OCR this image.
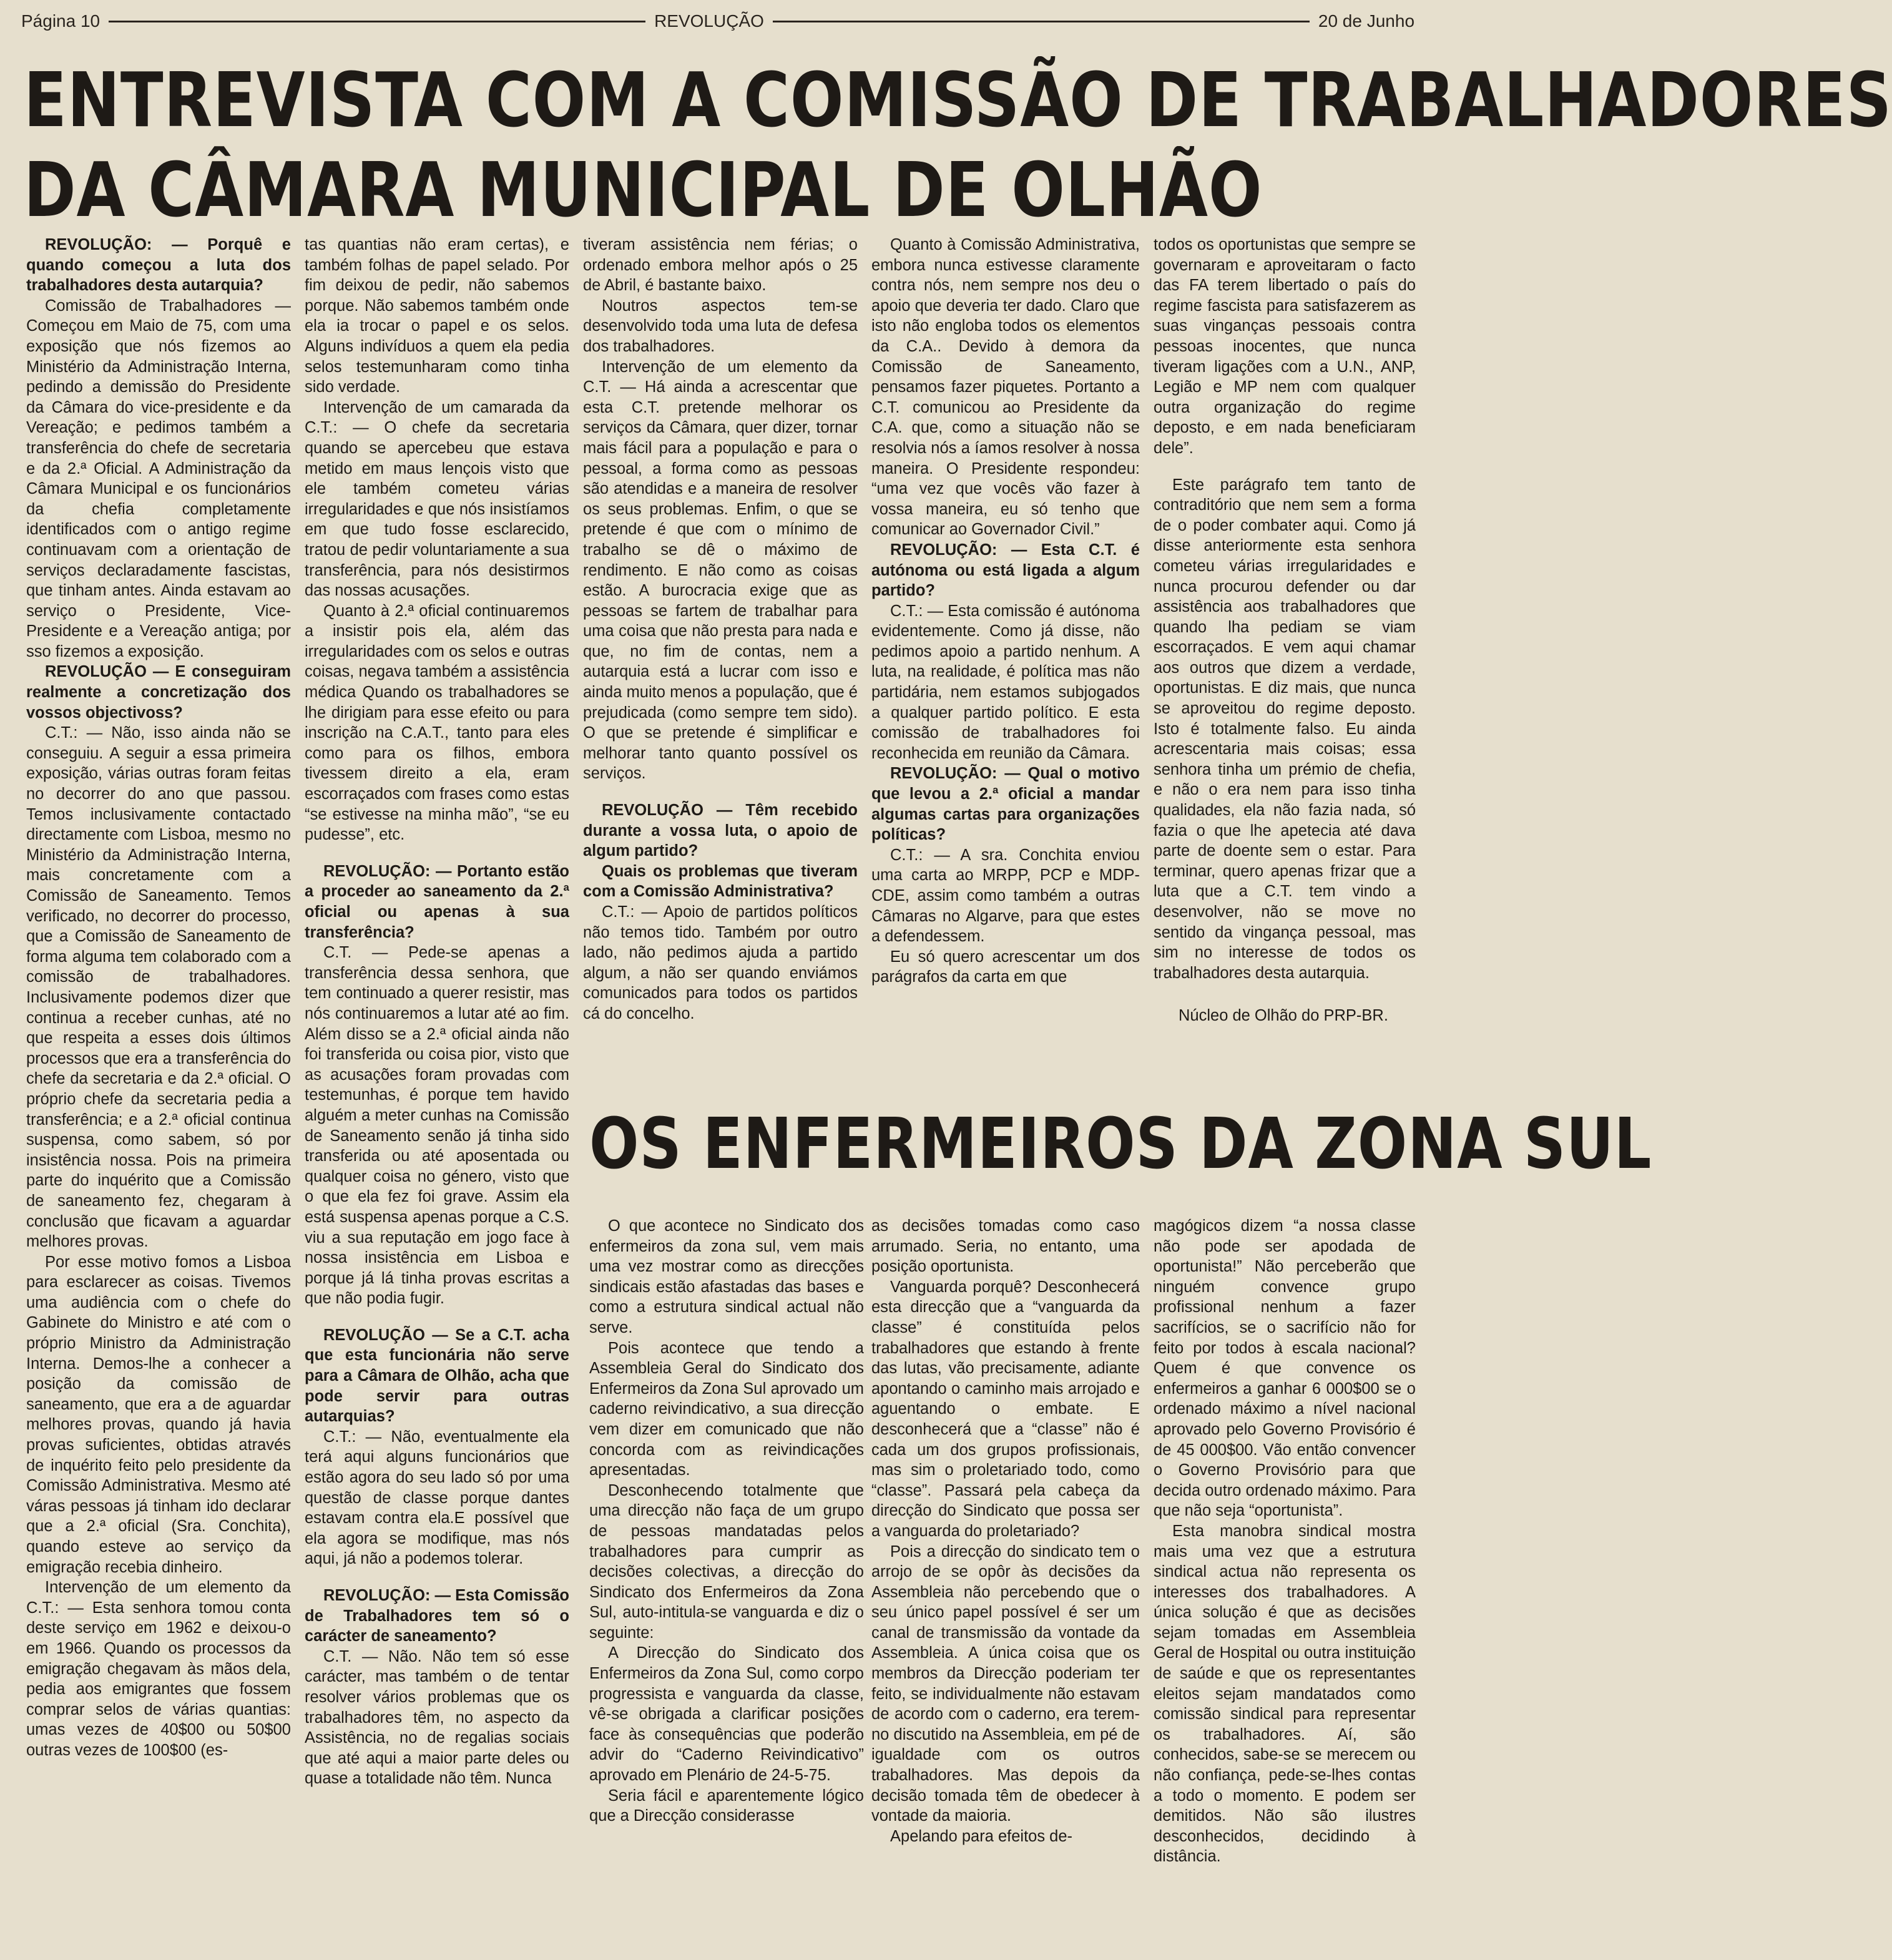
Página 10	REVOLUÇÃO	20 de Junho
ENTREVISTA COM A COMISSÃO DE TRABALHADORES
DA CÂMARA MUNICIPAL DE OLHÃO

REVOLUÇÃO: — Porquê e quando começou a luta dos trabalhadores desta autarquia?

Comissão de Trabalhadores — Começou em Maio de 75, com uma exposição que nós fizemos ao Ministério da Administração Interna, pedindo a demissão do Presidente da Câmara do vice-presidente e da Vereação; e pedimos também a transferência do chefe de secretaria e da 2.ª Oficial. A Administração da Câmara Municipal e os funcionários da chefia completamente identificados com o antigo regime continuavam com a orientação de serviços declaradamente fascistas, que tinham antes. Ainda estavam ao serviço o Presidente, Vice-Presidente e a Vereação antiga; por sso fizemos a exposição.

REVOLUÇÃO — E conseguiram realmente a concretização dos vossos objectivoss?

C.T.: — Não, isso ainda não se conseguiu. A seguir a essa primeira exposição, várias outras foram feitas no decorrer do ano que passou. Temos inclusivamente contactado directamente com Lisboa, mesmo no Ministério da Administração Interna, mais concretamente com a Comissão de Saneamento. Temos verificado, no decorrer do processo, que a Comissão de Saneamento de forma alguma tem colaborado com a comissão de trabalhadores. Inclusivamente podemos dizer que continua a receber cunhas, até no que respeita a esses dois últimos processos que era a transferência do chefe da secretaria e da 2.ª oficial. O próprio chefe da secretaria pedia a transferência; e a 2.ª oficial continua suspensa, como sabem, só por insistência nossa. Pois na primeira parte do inquérito que a Comissão de saneamento fez, chegaram à conclusão que ficavam a aguardar melhores provas.

Por esse motivo fomos a Lisboa para esclarecer as coisas. Tivemos uma audiência com o chefe do Gabinete do Ministro e até com o próprio Ministro da Administração Interna. Demos-lhe a conhecer a posição da comissão de saneamento, que era a de aguardar melhores provas, quando já havia provas suficientes, obtidas através de inquérito feito pelo presidente da Comissão Administrativa. Mesmo até váras pessoas já tinham ido declarar que a 2.ª oficial (Sra. Conchita), quando esteve ao serviço da emigração recebia dinheiro.

Intervenção de um elemento da C.T.: — Esta senhora tomou conta deste serviço em 1962 e deixou-o em 1966. Quando os processos da emigração chegavam às mãos dela, pedia aos emigrantes que fossem comprar selos de várias quantias: umas vezes de 40$00 ou 50$00 outras vezes de 100$00 (es-

tas quantias não eram certas), e também folhas de papel selado. Por fim deixou de pedir, não sabemos porque. Não sabemos também onde ela ia trocar o papel e os selos. Alguns indivíduos a quem ela pedia selos testemunharam como tinha sido verdade.

Intervenção de um camarada da C.T.: — O chefe da secretaria quando se apercebeu que estava metido em maus lençois visto que ele também cometeu várias irregularidades e que nós insistíamos em que tudo fosse esclarecido, tratou de pedir voluntariamente a sua transferência, para nós desistirmos das nossas acusações.

Quanto à 2.ª oficial continuaremos a insistir pois ela, além das irregularidades com os selos e outras coisas, negava também a assistência médica Quando os trabalhadores se lhe dirigiam para esse efeito ou para inscrição na C.A.T., tanto para eles como para os filhos, embora tivessem direito a ela, eram escorraçados com frases como estas “se estivesse na minha mão”, “se eu pudesse”, etc.

REVOLUÇÃO: — Portanto estão a proceder ao saneamento da 2.ª oficial ou apenas à sua transferência?

C.T. — Pede-se apenas a transferência dessa senhora, que tem continuado a querer resistir, mas nós continuaremos a lutar até ao fim. Além disso se a 2.ª oficial ainda não foi transferida ou coisa pior, visto que as acusações foram provadas com testemunhas, é porque tem havido alguém a meter cunhas na Comissão de Saneamento senão já tinha sido transferida ou até aposentada ou qualquer coisa no género, visto que o que ela fez foi grave. Assim ela está suspensa apenas porque a C.S. viu a sua reputação em jogo face à nossa insistência em Lisboa e porque já lá tinha provas escritas a que não podia fugir.

REVOLUÇÃO — Se a C.T. acha que esta funcionária não serve para a Câmara de Olhão, acha que pode servir para outras autarquias?

C.T.: — Não, eventualmente ela terá aqui alguns funcionários que estão agora do seu lado só por uma questão de classe porque dantes estavam contra ela.E possível que ela agora se modifique, mas nós aqui, já não a podemos tolerar.

REVOLUÇÃO: — Esta Comissão de Trabalhadores tem só o carácter de saneamento?

C.T. — Não. Não tem só esse carácter, mas também o de tentar resolver vários problemas que os trabalhadores têm, no aspecto da Assistência, no de regalias sociais que até aqui a maior parte deles ou quase a totalidade não têm. Nunca

tiveram assistência nem férias; o ordenado embora melhor após o 25 de Abril, é bastante baixo.

Noutros aspectos tem-se desenvolvido toda uma luta de defesa dos trabalhadores.

Intervenção de um elemento da C.T. — Há ainda a acrescentar que esta C.T. pretende melhorar os serviços da Câmara, quer dizer, tornar mais fácil para a população e para o pessoal, a forma como as pessoas são atendidas e a maneira de resolver os seus problemas. Enfim, o que se pretende é que com o mínimo de trabalho se dê o máximo de rendimento. E não como as coisas estão. A burocracia exige que as pessoas se fartem de trabalhar para uma coisa que não presta para nada e que, no fim de contas, nem a autarquia está a lucrar com isso e ainda muito menos a população, que é prejudicada (como sempre tem sido). O que se pretende é simplificar e melhorar tanto quanto possível os serviços.

REVOLUÇÃO — Têm recebido durante a vossa luta, o apoio de algum partido?

Quais os problemas que tiveram com a Comissão Administrativa?

C.T.: — Apoio de partidos políticos não temos tido. Também por outro lado, não pedimos ajuda a partido algum, a não ser quando enviámos comunicados para todos os partidos cá do concelho.

Quanto à Comissão Administrativa, embora nunca estivesse claramente contra nós, nem sempre nos deu o apoio que deveria ter dado. Claro que isto não engloba todos os elementos da C.A.. Devido à demora da Comissão de Saneamento, pensamos fazer piquetes. Portanto a C.T. comunicou ao Presidente da C.A. que, como a situação não se resolvia nós a íamos resolver à nossa maneira. O Presidente respondeu: “uma vez que vocês vão fazer à vossa maneira, eu só tenho que comunicar ao Governador Civil.”

REVOLUÇÃO: — Esta C.T. é autónoma ou está ligada a algum partido?

C.T.: — Esta comissão é autónoma evidentemente. Como já disse, não pedimos apoio a partido nenhum. A luta, na realidade, é política mas não partidária, nem estamos subjogados a qualquer partido político. E esta comissão de trabalhadores foi reconhecida em reunião da Câmara.

REVOLUÇÃO: — Qual o motivo que levou a 2.ª oficial a mandar algumas cartas para organizações políticas?

C.T.: — A sra. Conchita enviou uma carta ao MRPP, PCP e MDP-CDE, assim como também a outras Câmaras no Algarve, para que estes a defendessem.

Eu só quero acrescentar um dos parágrafos da carta em que

todos os oportunistas que sempre se governaram e aproveitaram o facto das FA terem libertado o país do regime fascista para satisfazerem as suas vinganças pessoais contra pessoas inocentes, que nunca tiveram ligações com a U.N., ANP, Legião e MP nem com qualquer outra organização do regime deposto, e em nada beneficiaram dele”.

Este parágrafo tem tanto de contraditório que nem sem a forma de o poder combater aqui. Como já disse anteriormente esta senhora cometeu várias irregularidades e nunca procurou defender ou dar assistência aos trabalhadores que quando lha pediam se viam escorraçados. E vem aqui chamar aos outros que dizem a verdade, oportunistas. E diz mais, que nunca se aproveitou do regime deposto. Isto é totalmente falso. Eu ainda acrescentaria mais coisas; essa senhora tinha um prémio de chefia, e não o era nem para isso tinha qualidades, ela não fazia nada, só fazia o que lhe apetecia até dava parte de doente sem o estar. Para terminar, quero apenas frizar que a luta que a C.T. tem vindo a desenvolver, não se move no sentido da vingança pessoal, mas sim no interesse de todos os trabalhadores desta autarquia.

Núcleo de Olhão do PRP-BR.

OS ENFERMEIROS DA ZONA SUL

O que acontece no Sindicato dos enfermeiros da zona sul, vem mais uma vez mostrar como as direcções sindicais estão afastadas das bases e como a estrutura sindical actual não serve.

Pois acontece que tendo a Assembleia Geral do Sindicato dos Enfermeiros da Zona Sul aprovado um caderno reivindicativo, a sua direcção vem dizer em comunicado que não concorda com as reivindicações apresentadas.

Desconhecendo totalmente que uma direcção não faça de um grupo de pessoas mandatadas pelos trabalhadores para cumprir as decisões colectivas, a direcção do Sindicato dos Enfermeiros da Zona Sul, auto-intitula-se vanguarda e diz o seguinte:

A Direcção do Sindicato dos Enfermeiros da Zona Sul, como corpo progressista e vanguarda da classe, vê-se obrigada a clarificar posições face às consequências que poderão advir do “Caderno Reivindicativo” aprovado em Plenário de 24-5-75.

Seria fácil e aparentemente lógico que a Direcção considerasse

as decisões tomadas como caso arrumado. Seria, no entanto, uma posição oportunista.

Vanguarda porquê? Desconhecerá esta direcção que a “vanguarda da classe” é constituída pelos trabalhadores que estando à frente das lutas, vão precisamente, adiante apontando o caminho mais arrojado e aguentando o embate. E desconhecerá que a “classe” não é cada um dos grupos profissionais, mas sim o proletariado todo, como “classe”. Passará pela cabeça da direcção do Sindicato que possa ser a vanguarda do proletariado?

Pois a direcção do sindicato tem o arrojo de se opôr às decisões da Assembleia não percebendo que o seu único papel possível é ser um canal de transmissão da vontade da Assembleia. A única coisa que os membros da Direcção poderiam ter feito, se individualmente não estavam de acordo com o caderno, era terem-no discutido na Assembleia, em pé de igualdade com os outros trabalhadores. Mas depois da decisão tomada têm de obedecer à vontade da maioria.

Apelando para efeitos de-

magógicos dizem “a nossa classe não pode ser apodada de oportunista!” Não perceberão que ninguém convence grupo profissional nenhum a fazer sacrifícios, se o sacrifício não for feito por todos à escala nacional? Quem é que convence os enfermeiros a ganhar 6 000$00 se o ordenado máximo a nível nacional aprovado pelo Governo Provisório é de 45 000$00. Vão então convencer o Governo Provisório para que decida outro ordenado máximo. Para que não seja “oportunista”.

Esta manobra sindical mostra mais uma vez que a estrutura sindical actua não representa os interesses dos trabalhadores. A única solução é que as decisões sejam tomadas em Assembleia Geral de Hospital ou outra instituição de saúde e que os representantes eleitos sejam mandatados como comissão sindical para representar os trabalhadores. Aí, são conhecidos, sabe-se se merecem ou não confiança, pede-se-lhes contas a todo o momento. E podem ser demitidos. Não são ilustres desconhecidos, decidindo à distância.
